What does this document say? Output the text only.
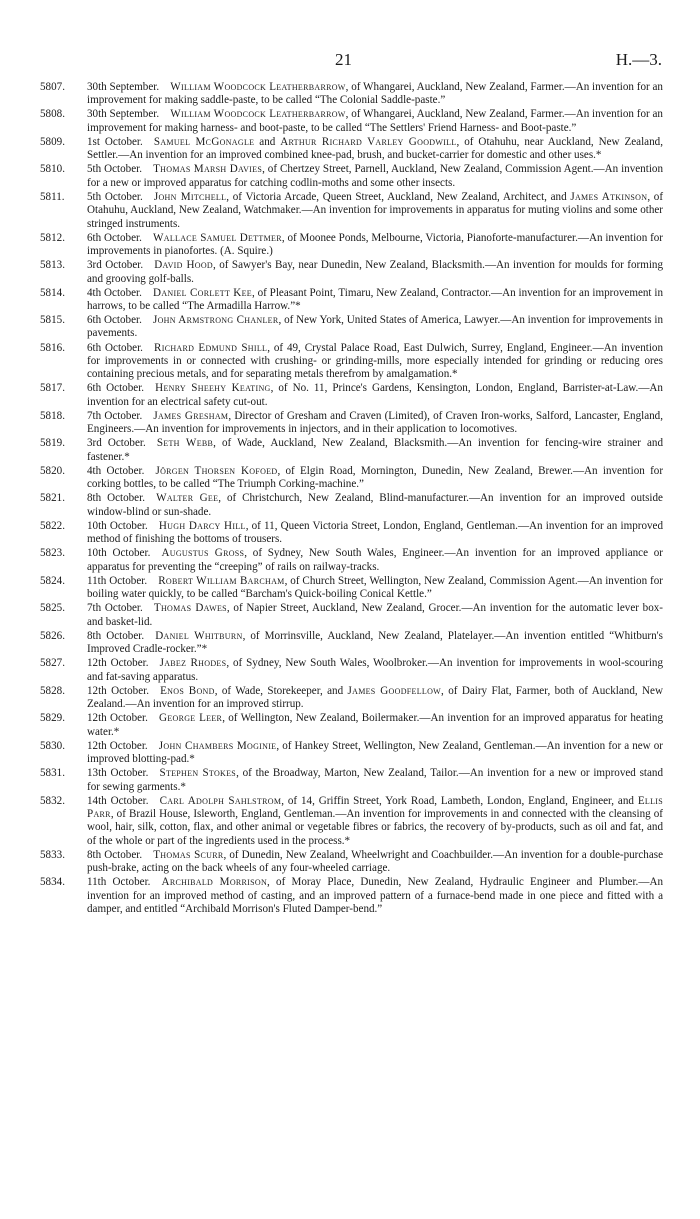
21	H.—3.
5807.	30th September.  William Woodcock Leatherbarrow, of Whangarei, Auckland, New Zealand, Farmer.—An invention for an improvement for making saddle-paste, to be called “The Colonial Saddle-paste.”
5808.	30th September.  William Woodcock Leatherbarrow, of Whangarei, Auckland, New Zealand, Farmer.—An invention for an improvement for making harness- and boot-paste, to be called “The Settlers' Friend Harness- and Boot-paste.”
5809.	1st October.  Samuel McGonagle and Arthur Richard Varley Goodwill, of Otahuhu, near Auckland, New Zealand, Settler.—An invention for an improved combined knee-pad, brush, and bucket-carrier for domestic and other uses.*
5810.	5th October.  Thomas Marsh Davies, of Chertzey Street, Parnell, Auckland, New Zealand, Commission Agent.—An invention for a new or improved apparatus for catching codlin-moths and some other insects.
5811.	5th October.  John Mitchell, of Victoria Arcade, Queen Street, Auckland, New Zealand, Architect, and James Atkinson, of Otahuhu, Auckland, New Zealand, Watchmaker.—An invention for improvements in apparatus for muting violins and some other stringed instruments.
5812.	6th October.  Wallace Samuel Dettmer, of Moonee Ponds, Melbourne, Victoria, Pianoforte-manufacturer.—An invention for improvements in pianofortes. (A. Squire.)
5813.	3rd October.  David Hood, of Sawyer's Bay, near Dunedin, New Zealand, Blacksmith.—An invention for moulds for forming and grooving golf-balls.
5814.	4th October.  Daniel Corlett Kee, of Pleasant Point, Timaru, New Zealand, Contractor.—An invention for an improvement in harrows, to be called “The Armadilla Harrow.”*
5815.	6th October.  John Armstrong Chanler, of New York, United States of America, Lawyer.—An invention for improvements in pavements.
5816.	6th October.  Richard Edmund Shill, of 49, Crystal Palace Road, East Dulwich, Surrey, England, Engineer.—An invention for improvements in or connected with crushing- or grinding-mills, more especially intended for grinding or reducing ores containing precious metals, and for separating metals therefrom by amalgamation.*
5817.	6th October.  Henry Sheehy Keating, of No. 11, Prince's Gardens, Kensington, London, England, Barrister-at-Law.—An invention for an electrical safety cut-out.
5818.	7th October.  James Gresham, Director of Gresham and Craven (Limited), of Craven Iron-works, Salford, Lancaster, England, Engineers.—An invention for improvements in injectors, and in their application to locomotives.
5819.	3rd October.  Seth Webb, of Wade, Auckland, New Zealand, Blacksmith.—An invention for fencing-wire strainer and fastener.*
5820.	4th October.  Jörgen Thorsen Kofoed, of Elgin Road, Mornington, Dunedin, New Zealand, Brewer.—An invention for corking bottles, to be called “The Triumph Corking-machine.”
5821.	8th October.  Walter Gee, of Christchurch, New Zealand, Blind-manufacturer.—An invention for an improved outside window-blind or sun-shade.
5822.	10th October.  Hugh Darcy Hill, of 11, Queen Victoria Street, London, England, Gentleman.—An invention for an improved method of finishing the bottoms of trousers.
5823.	10th October.  Augustus Gross, of Sydney, New South Wales, Engineer.—An invention for an improved appliance or apparatus for preventing the “creeping” of rails on railway-tracks.
5824.	11th October.  Robert William Barcham, of Church Street, Wellington, New Zealand, Commission Agent.—An invention for boiling water quickly, to be called “Barcham's Quick-boiling Conical Kettle.”
5825.	7th October.  Thomas Dawes, of Napier Street, Auckland, New Zealand, Grocer.—An invention for the automatic lever box- and basket-lid.
5826.	8th October.  Daniel Whitburn, of Morrinsville, Auckland, New Zealand, Platelayer.—An invention entitled “Whitburn's Improved Cradle-rocker.”*
5827.	12th October.  Jabez Rhodes, of Sydney, New South Wales, Woolbroker.—An invention for improvements in wool-scouring and fat-saving apparatus.
5828.	12th October.  Enos Bond, of Wade, Storekeeper, and James Goodfellow, of Dairy Flat, Farmer, both of Auckland, New Zealand.—An invention for an improved stirrup.
5829.	12th October.  George Leer, of Wellington, New Zealand, Boilermaker.—An invention for an improved apparatus for heating water.*
5830.	12th October.  John Chambers Moginie, of Hankey Street, Wellington, New Zealand, Gentleman.—An invention for a new or improved blotting-pad.*
5831.	13th October.  Stephen Stokes, of the Broadway, Marton, New Zealand, Tailor.—An invention for a new or improved stand for sewing garments.*
5832.	14th October.  Carl Adolph Sahlstrom, of 14, Griffin Street, York Road, Lambeth, London, England, Engineer, and Ellis Parr, of Brazil House, Isleworth, England, Gentleman.—An invention for improvements in and connected with the cleansing of wool, hair, silk, cotton, flax, and other animal or vegetable fibres or fabrics, the recovery of by-products, such as oil and fat, and of the whole or part of the ingredients used in the process.*
5833.	8th October.  Thomas Scurr, of Dunedin, New Zealand, Wheelwright and Coachbuilder.—An invention for a double-purchase push-brake, acting on the back wheels of any four-wheeled carriage.
5834.	11th October.  Archibald Morrison, of Moray Place, Dunedin, New Zealand, Hydraulic Engineer and Plumber.—An invention for an improved method of casting, and an improved pattern of a furnace-bend made in one piece and fitted with a damper, and entitled “Archibald Morrison's Fluted Damper-bend.”
